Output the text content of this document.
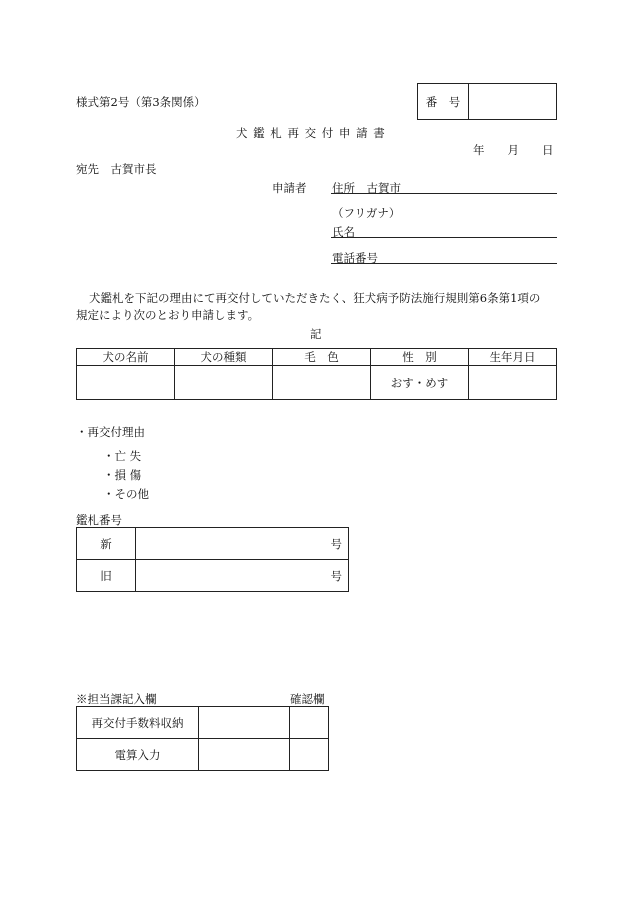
様式第2号（第3条関係）	番　号	
犬 鑑 札 再 交 付 申 請 書
年　　月　　日
宛先　古賀市長
申請者 住所　古賀市
（フリガナ）
氏名
電話番号
犬鑑札を下記の理由にて再交付していただきたく、狂犬病予防法施行規則第6条第1項の
規定により次のとおり申請します。
記
犬の名前	犬の種類	毛　色	性　別	生年月日
			おす・めす	
・再交付理由
・亡 失
・損 傷
・その他
鑑札番号
新	号
旧	号
※担当課記入欄	確認欄
再交付手数料収納		
電算入力		
